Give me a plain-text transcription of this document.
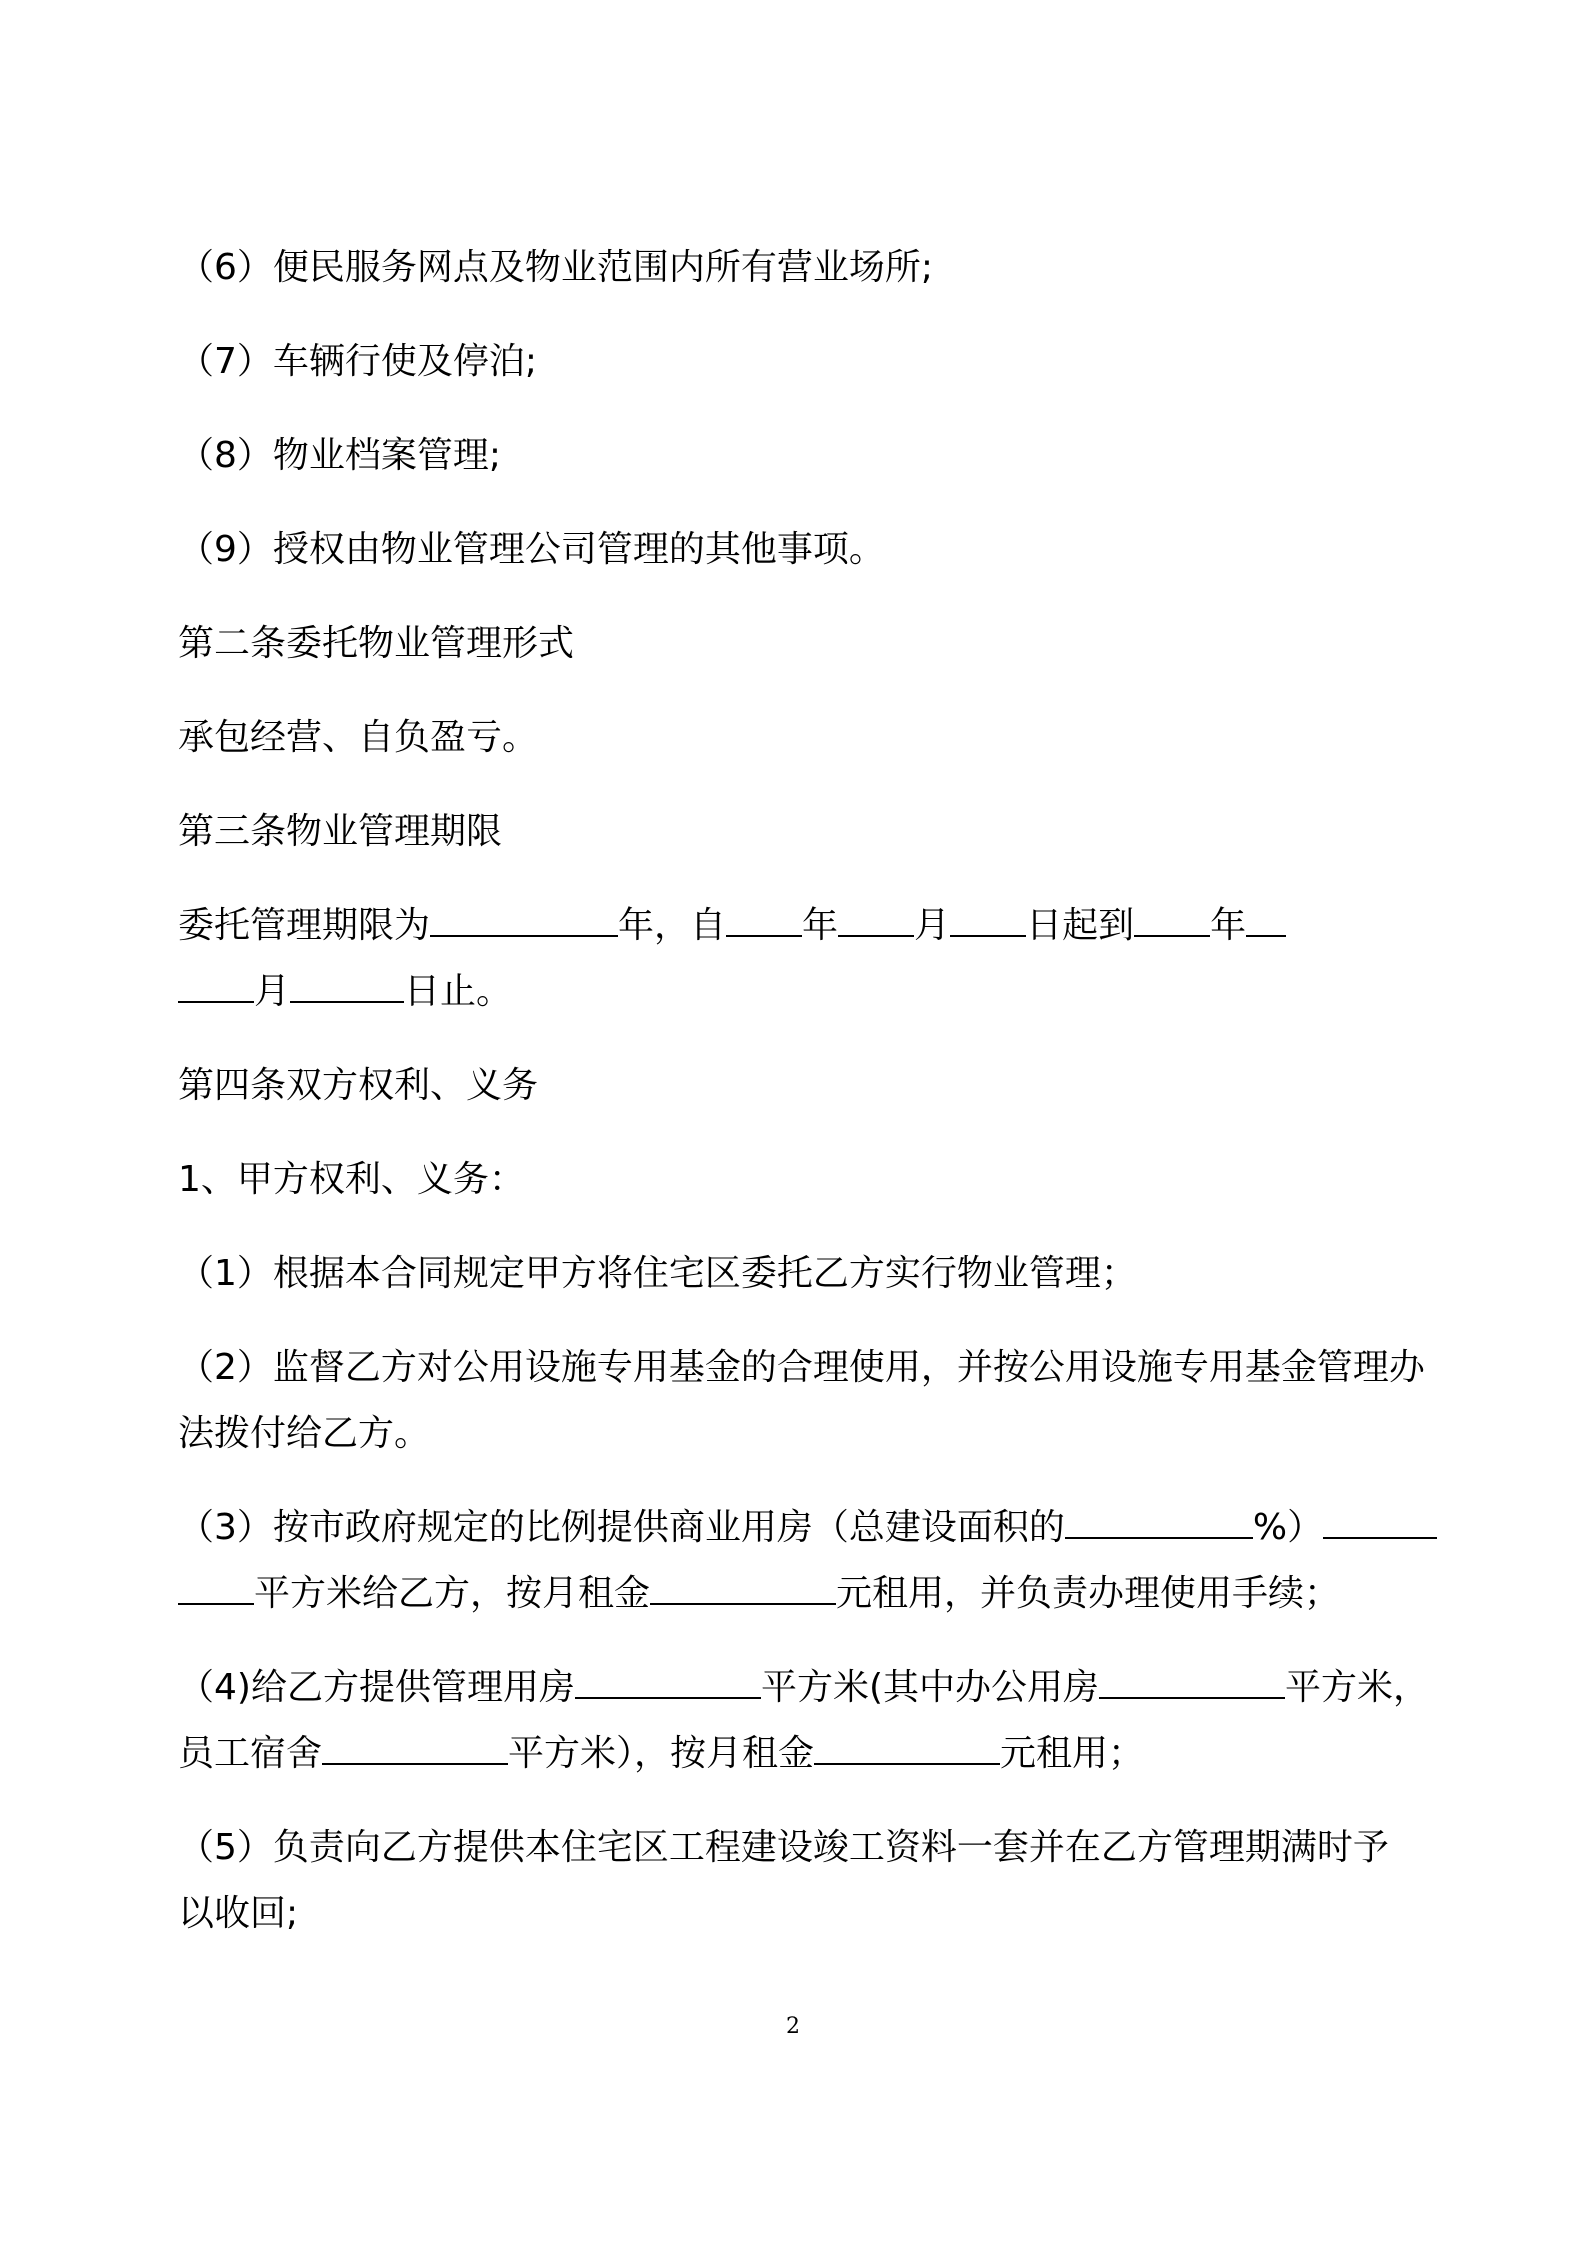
（6）便民服务网点及物业范围内所有营业场所;

（7）车辆行使及停泊;

（8）物业档案管理;

（9）授权由物业管理公司管理的其他事项。

第二条委托物业管理形式

承包经营、自负盈亏。

第三条物业管理期限

委托管理期限为	年，自 年 月 日起到 年

月	日止。

第四条双方权利、义务

1、甲方权利、义务：

（1）根据本合同规定甲方将住宅区委托乙方实行物业管理；

（2）监督乙方对公用设施专用基金的合理使用，并按公用设施专用基金管理办

法拨付给乙方。

（3）按市政府规定的比例提供商业用房（总建设面积的	%）

平方米给乙方，按月租金	元租用，并负责办理使用手续；

（4)给乙方提供管理用房	平方米(其中办公用房	平方米，

员工宿舍	平方米），按月租金	元租用；

（5）负责向乙方提供本住宅区工程建设竣工资料一套并在乙方管理期满时予

以收回;

2
